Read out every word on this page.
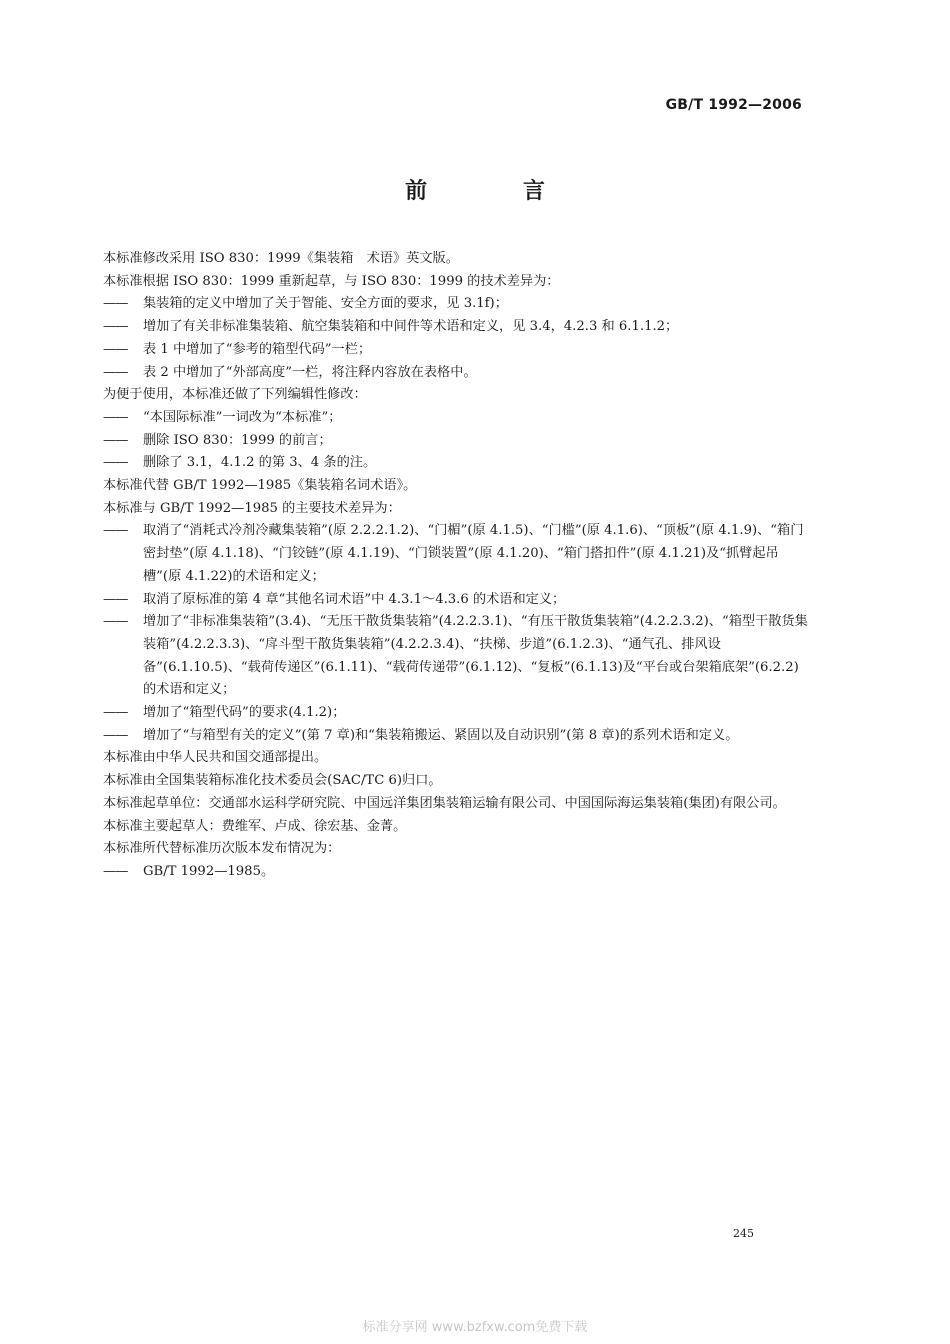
GB/T 1992—2006
前 言
本标准修改采用 ISO 830：1999《集装箱　术语》英文版。
本标准根据 ISO 830：1999 重新起草，与 ISO 830：1999 的技术差异为：
—— 集装箱的定义中增加了关于智能、安全方面的要求，见 3.1f)；
—— 增加了有关非标准集装箱、航空集装箱和中间件等术语和定义，见 3.4，4.2.3 和 6.1.1.2；
—— 表 1 中增加了“参考的箱型代码”一栏；
—— 表 2 中增加了“外部高度”一栏，将注释内容放在表格中。
为便于使用，本标准还做了下列编辑性修改：
—— “本国际标准”一词改为“本标准”；
—— 删除 ISO 830：1999 的前言；
—— 删除了 3.1，4.1.2 的第 3、4 条的注。
本标准代替 GB/T 1992—1985《集装箱名词术语》。
本标准与 GB/T 1992—1985 的主要技术差异为：
—— 取消了“消耗式冷剂冷藏集装箱”(原 2.2.2.1.2)、“门楣”(原 4.1.5)、“门槛”(原 4.1.6)、“顶板”(原 4.1.9)、“箱门密封垫”(原 4.1.18)、“门铰链”(原 4.1.19)、“门锁装置”(原 4.1.20)、“箱门搭扣件”(原 4.1.21)及“抓臂起吊槽”(原 4.1.22)的术语和定义；
—— 取消了原标准的第 4 章“其他名词术语”中 4.3.1～4.3.6 的术语和定义；
—— 增加了“非标准集装箱”(3.4)、“无压干散货集装箱”(4.2.2.3.1)、“有压干散货集装箱”(4.2.2.3.2)、“箱型干散货集装箱”(4.2.2.3.3)、“戽斗型干散货集装箱”(4.2.2.3.4)、“扶梯、步道”(6.1.2.3)、“通气孔、排风设备”(6.1.10.5)、“载荷传递区”(6.1.11)、“载荷传递带”(6.1.12)、“复板”(6.1.13)及“平台或台架箱底架”(6.2.2)的术语和定义；
—— 增加了“箱型代码”的要求(4.1.2)；
—— 增加了“与箱型有关的定义”(第 7 章)和“集装箱搬运、紧固以及自动识别”(第 8 章)的系列术语和定义。
本标准由中华人民共和国交通部提出。
本标准由全国集装箱标准化技术委员会(SAC/TC 6)归口。
本标准起草单位：交通部水运科学研究院、中国远洋集团集装箱运输有限公司、中国国际海运集装箱(集团)有限公司。
本标准主要起草人：费维军、卢成、徐宏基、金菁。
本标准所代替标准历次版本发布情况为：
—— GB/T 1992—1985。
245
标准分享网 www.bzfxw.com免费下载
